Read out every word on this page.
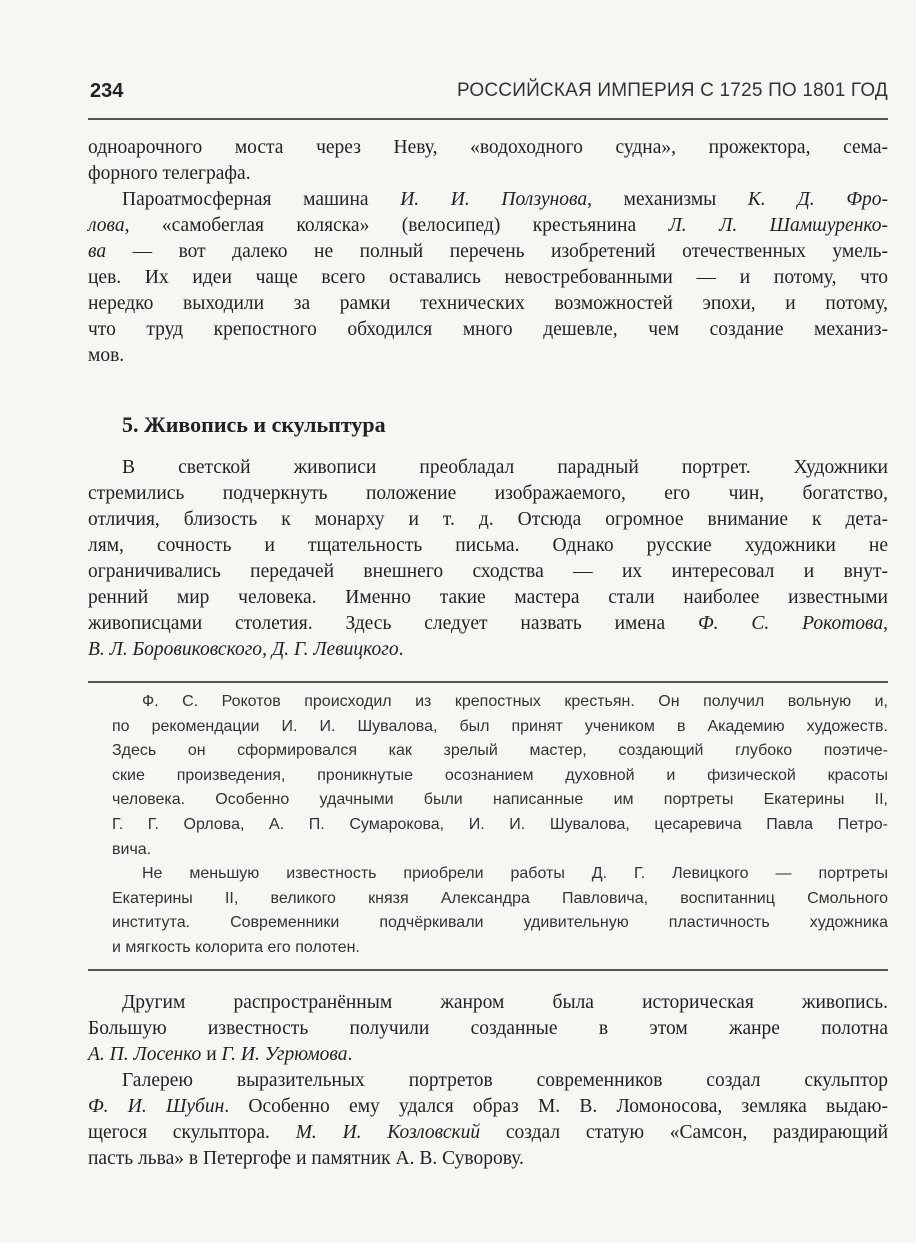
234	РОССИЙСКАЯ ИМПЕРИЯ С 1725 ПО 1801 ГОД
одноарочного моста через Неву, «водоходного судна», прожектора, сема-
форного телеграфа.
Пароатмосферная машина И. И. Ползунова, механизмы К. Д. Фро-
лова, «самобеглая коляска» (велосипед) крестьянина Л. Л. Шамшуренко-
ва — вот далеко не полный перечень изобретений отечественных умель-
цев. Их идеи чаще всего оставались невостребованными — и потому, что
нередко выходили за рамки технических возможностей эпохи, и потому,
что труд крепостного обходился много дешевле, чем создание механиз-
мов.
5. Живопись и скульптура
В светской живописи преобладал парадный портрет. Художники
стремились подчеркнуть положение изображаемого, его чин, богатство,
отличия, близость к монарху и т. д. Отсюда огромное внимание к дета-
лям, сочность и тщательность письма. Однако русские художники не
ограничивались передачей внешнего сходства — их интересовал и внут-
ренний мир человека. Именно такие мастера стали наиболее известными
живописцами столетия. Здесь следует назвать имена Ф. С. Рокотова,
В. Л. Боровиковского, Д. Г. Левицкого.
Ф. С. Рокотов происходил из крепостных крестьян. Он получил вольную и,
по рекомендации И. И. Шувалова, был принят учеником в Академию художеств.
Здесь он сформировался как зрелый мастер, создающий глубоко поэтиче-
ские произведения, проникнутые осознанием духовной и физической красоты
человека. Особенно удачными были написанные им портреты Екатерины II,
Г. Г. Орлова, А. П. Сумарокова, И. И. Шувалова, цесаревича Павла Петро-
вича.
Не меньшую известность приобрели работы Д. Г. Левицкого — портреты
Екатерины II, великого князя Александра Павловича, воспитанниц Смольного
института. Современники подчёркивали удивительную пластичность художника
и мягкость колорита его полотен.
Другим распространённым жанром была историческая живопись.
Большую известность получили созданные в этом жанре полотна
А. П. Лосенко и Г. И. Угрюмова.
Галерею выразительных портретов современников создал скульптор
Ф. И. Шубин. Особенно ему удался образ М. В. Ломоносова, земляка выдаю-
щегося скульптора. М. И. Козловский создал статую «Самсон, раздирающий
пасть льва» в Петергофе и памятник А. В. Суворову.
